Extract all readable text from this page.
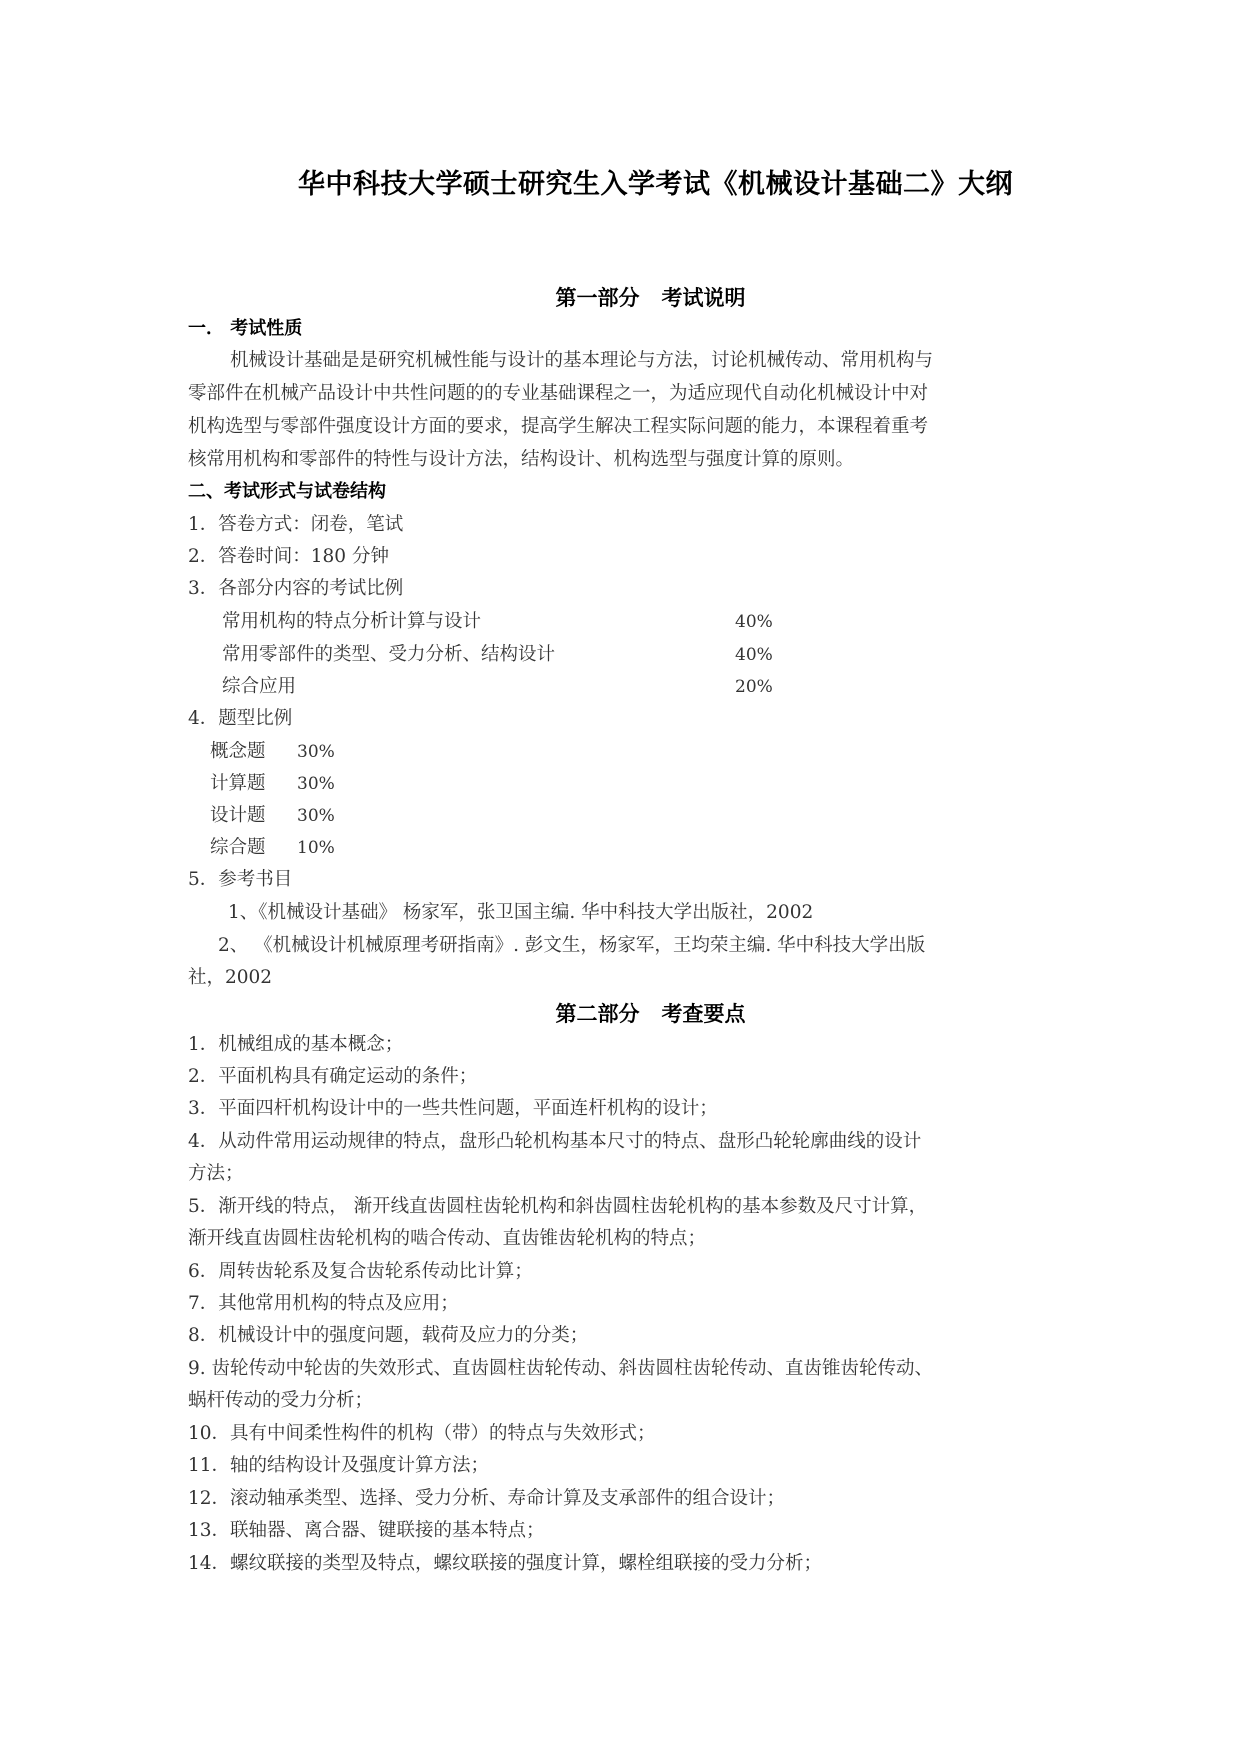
华中科技大学硕士研究生入学考试《机械设计基础二》大纲
第一部分 考试说明
一． 考试性质
机械设计基础是是研究机械性能与设计的基本理论与方法，讨论机械传动、常用机构与
零部件在机械产品设计中共性问题的的专业基础课程之一，为适应现代自动化机械设计中对
机构选型与零部件强度设计方面的要求，提高学生解决工程实际问题的能力，本课程着重考
核常用机构和零部件的特性与设计方法，结构设计、机构选型与强度计算的原则。
二、考试形式与试卷结构
1．答卷方式：闭卷，笔试
2．答卷时间：180 分钟
3．各部分内容的考试比例
常用机构的特点分析计算与设计	40%
常用零部件的类型、受力分析、结构设计	40%
综合应用	20%
4．题型比例
概念题 30%
计算题 30%
设计题 30%
综合题 10%
5．参考书目
1、《机械设计基础》 杨家军，张卫国主编. 华中科技大学出版社，2002
2、 《机械设计机械原理考研指南》. 彭文生，杨家军，王均荣主编. 华中科技大学出版
社，2002
第二部分 考查要点
1．机械组成的基本概念；
2．平面机构具有确定运动的条件；
3．平面四杆机构设计中的一些共性问题，平面连杆机构的设计；
4．从动件常用运动规律的特点，盘形凸轮机构基本尺寸的特点、盘形凸轮轮廓曲线的设计
方法；
5．渐开线的特点， 渐开线直齿圆柱齿轮机构和斜齿圆柱齿轮机构的基本参数及尺寸计算，
渐开线直齿圆柱齿轮机构的啮合传动、直齿锥齿轮机构的特点；
6．周转齿轮系及复合齿轮系传动比计算；
7．其他常用机构的特点及应用；
8．机械设计中的强度问题，载荷及应力的分类；
9. 齿轮传动中轮齿的失效形式、直齿圆柱齿轮传动、斜齿圆柱齿轮传动、直齿锥齿轮传动、
蜗杆传动的受力分析；
10．具有中间柔性构件的机构（带）的特点与失效形式；
11．轴的结构设计及强度计算方法；
12．滚动轴承类型、选择、受力分析、寿命计算及支承部件的组合设计；
13．联轴器、离合器、键联接的基本特点；
14．螺纹联接的类型及特点，螺纹联接的强度计算，螺栓组联接的受力分析；
